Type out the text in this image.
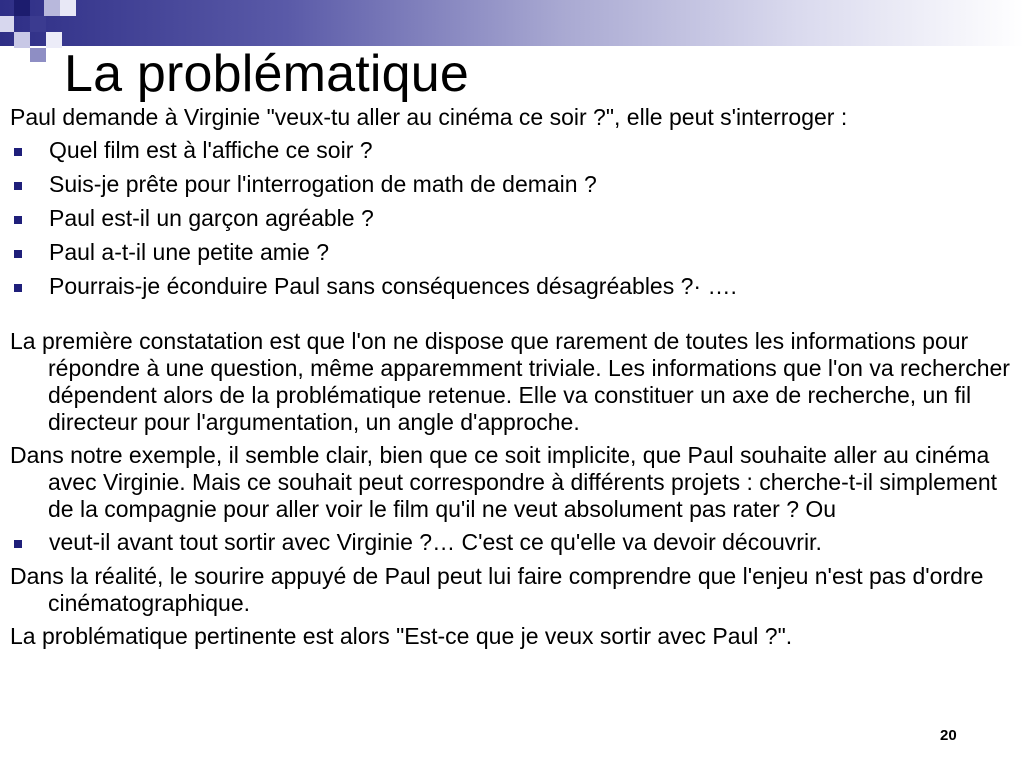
La problématique

Paul demande à Virginie "veux-tu aller au cinéma ce soir ?", elle peut s'interroger :

Quel film est à l'affiche ce soir ?
Suis-je prête pour l'interrogation de math de demain ?
Paul est-il un garçon agréable ?
Paul a-t-il une petite amie ?
Pourrais-je éconduire Paul sans conséquences désagréables ?· ….

La première constatation est que l'on ne dispose que rarement de toutes les informations pour répondre à une question, même apparemment triviale. Les informations que l'on va rechercher dépendent alors de la problématique retenue. Elle va constituer un axe de recherche, un fil directeur pour l'argumentation, un angle d'approche.

Dans notre exemple, il semble clair, bien que ce soit implicite, que Paul souhaite aller au cinéma avec Virginie. Mais ce souhait peut correspondre à différents projets : cherche-t-il simplement de la compagnie pour aller voir le film qu'il ne veut absolument pas rater ? Ou

veut-il avant tout sortir avec Virginie ?… C'est ce qu'elle va devoir découvrir.

Dans la réalité, le sourire appuyé de Paul peut lui faire comprendre que l'enjeu n'est pas d'ordre cinématographique.

La problématique pertinente est alors "Est-ce que je veux sortir avec Paul ?".

20
